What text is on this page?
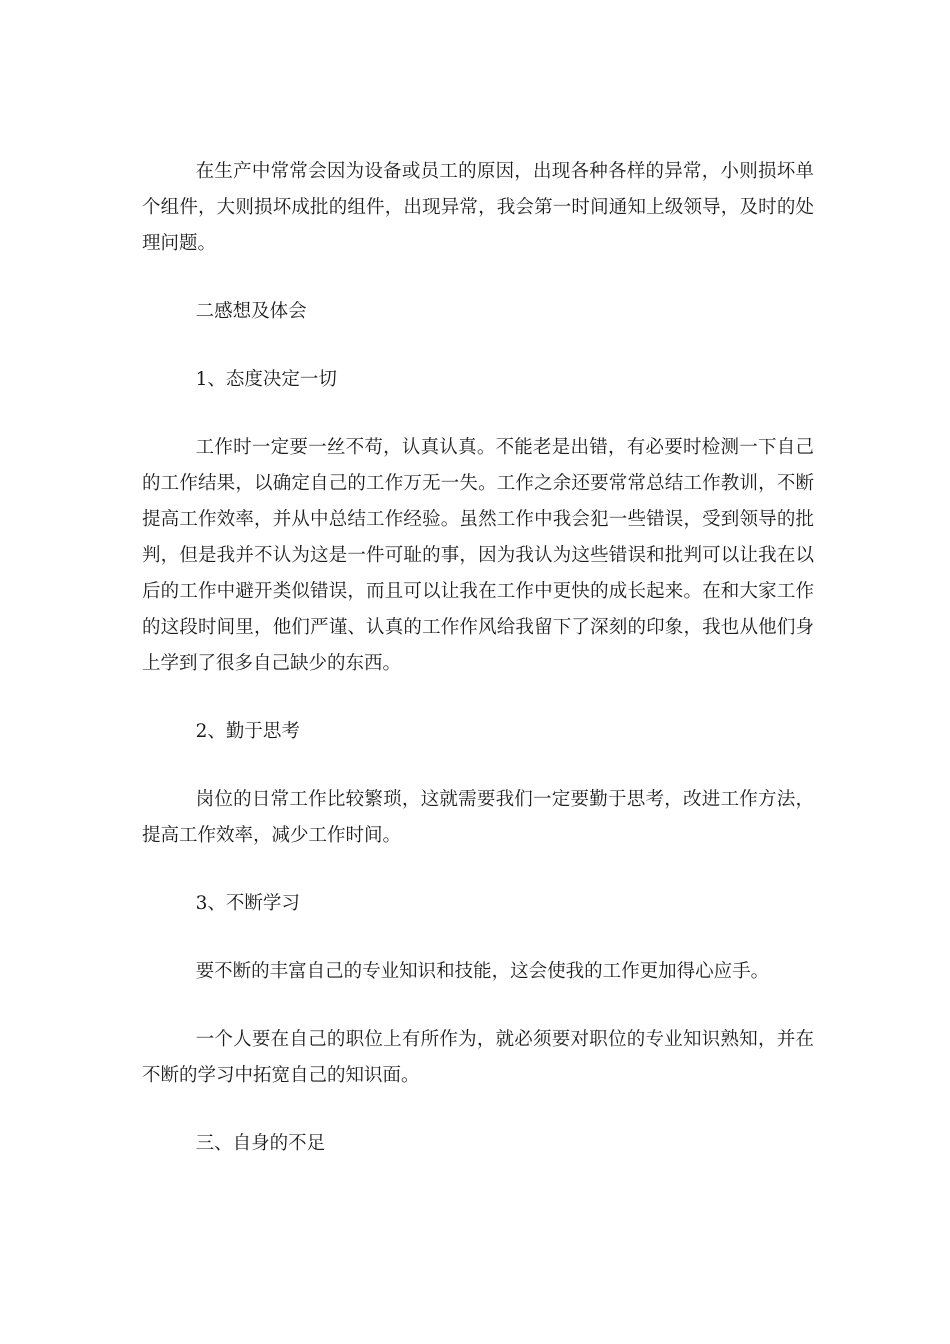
在生产中常常会因为设备或员工的原因，出现各种各样的异常，小则损坏单个组件，大则损坏成批的组件，出现异常，我会第一时间通知上级领导，及时的处理问题。

二感想及体会

1、态度决定一切

工作时一定要一丝不苟，认真认真。不能老是出错，有必要时检测一下自己的工作结果，以确定自己的工作万无一失。工作之余还要常常总结工作教训，不断提高工作效率，并从中总结工作经验。虽然工作中我会犯一些错误，受到领导的批判，但是我并不认为这是一件可耻的事，因为我认为这些错误和批判可以让我在以后的工作中避开类似错误，而且可以让我在工作中更快的成长起来。在和大家工作的这段时间里，他们严谨、认真的工作作风给我留下了深刻的印象，我也从他们身上学到了很多自己缺少的东西。

2、勤于思考

岗位的日常工作比较繁琐，这就需要我们一定要勤于思考，改进工作方法，提高工作效率，减少工作时间。

3、不断学习

要不断的丰富自己的专业知识和技能，这会使我的工作更加得心应手。

一个人要在自己的职位上有所作为，就必须要对职位的专业知识熟知，并在不断的学习中拓宽自己的知识面。

三、自身的不足
